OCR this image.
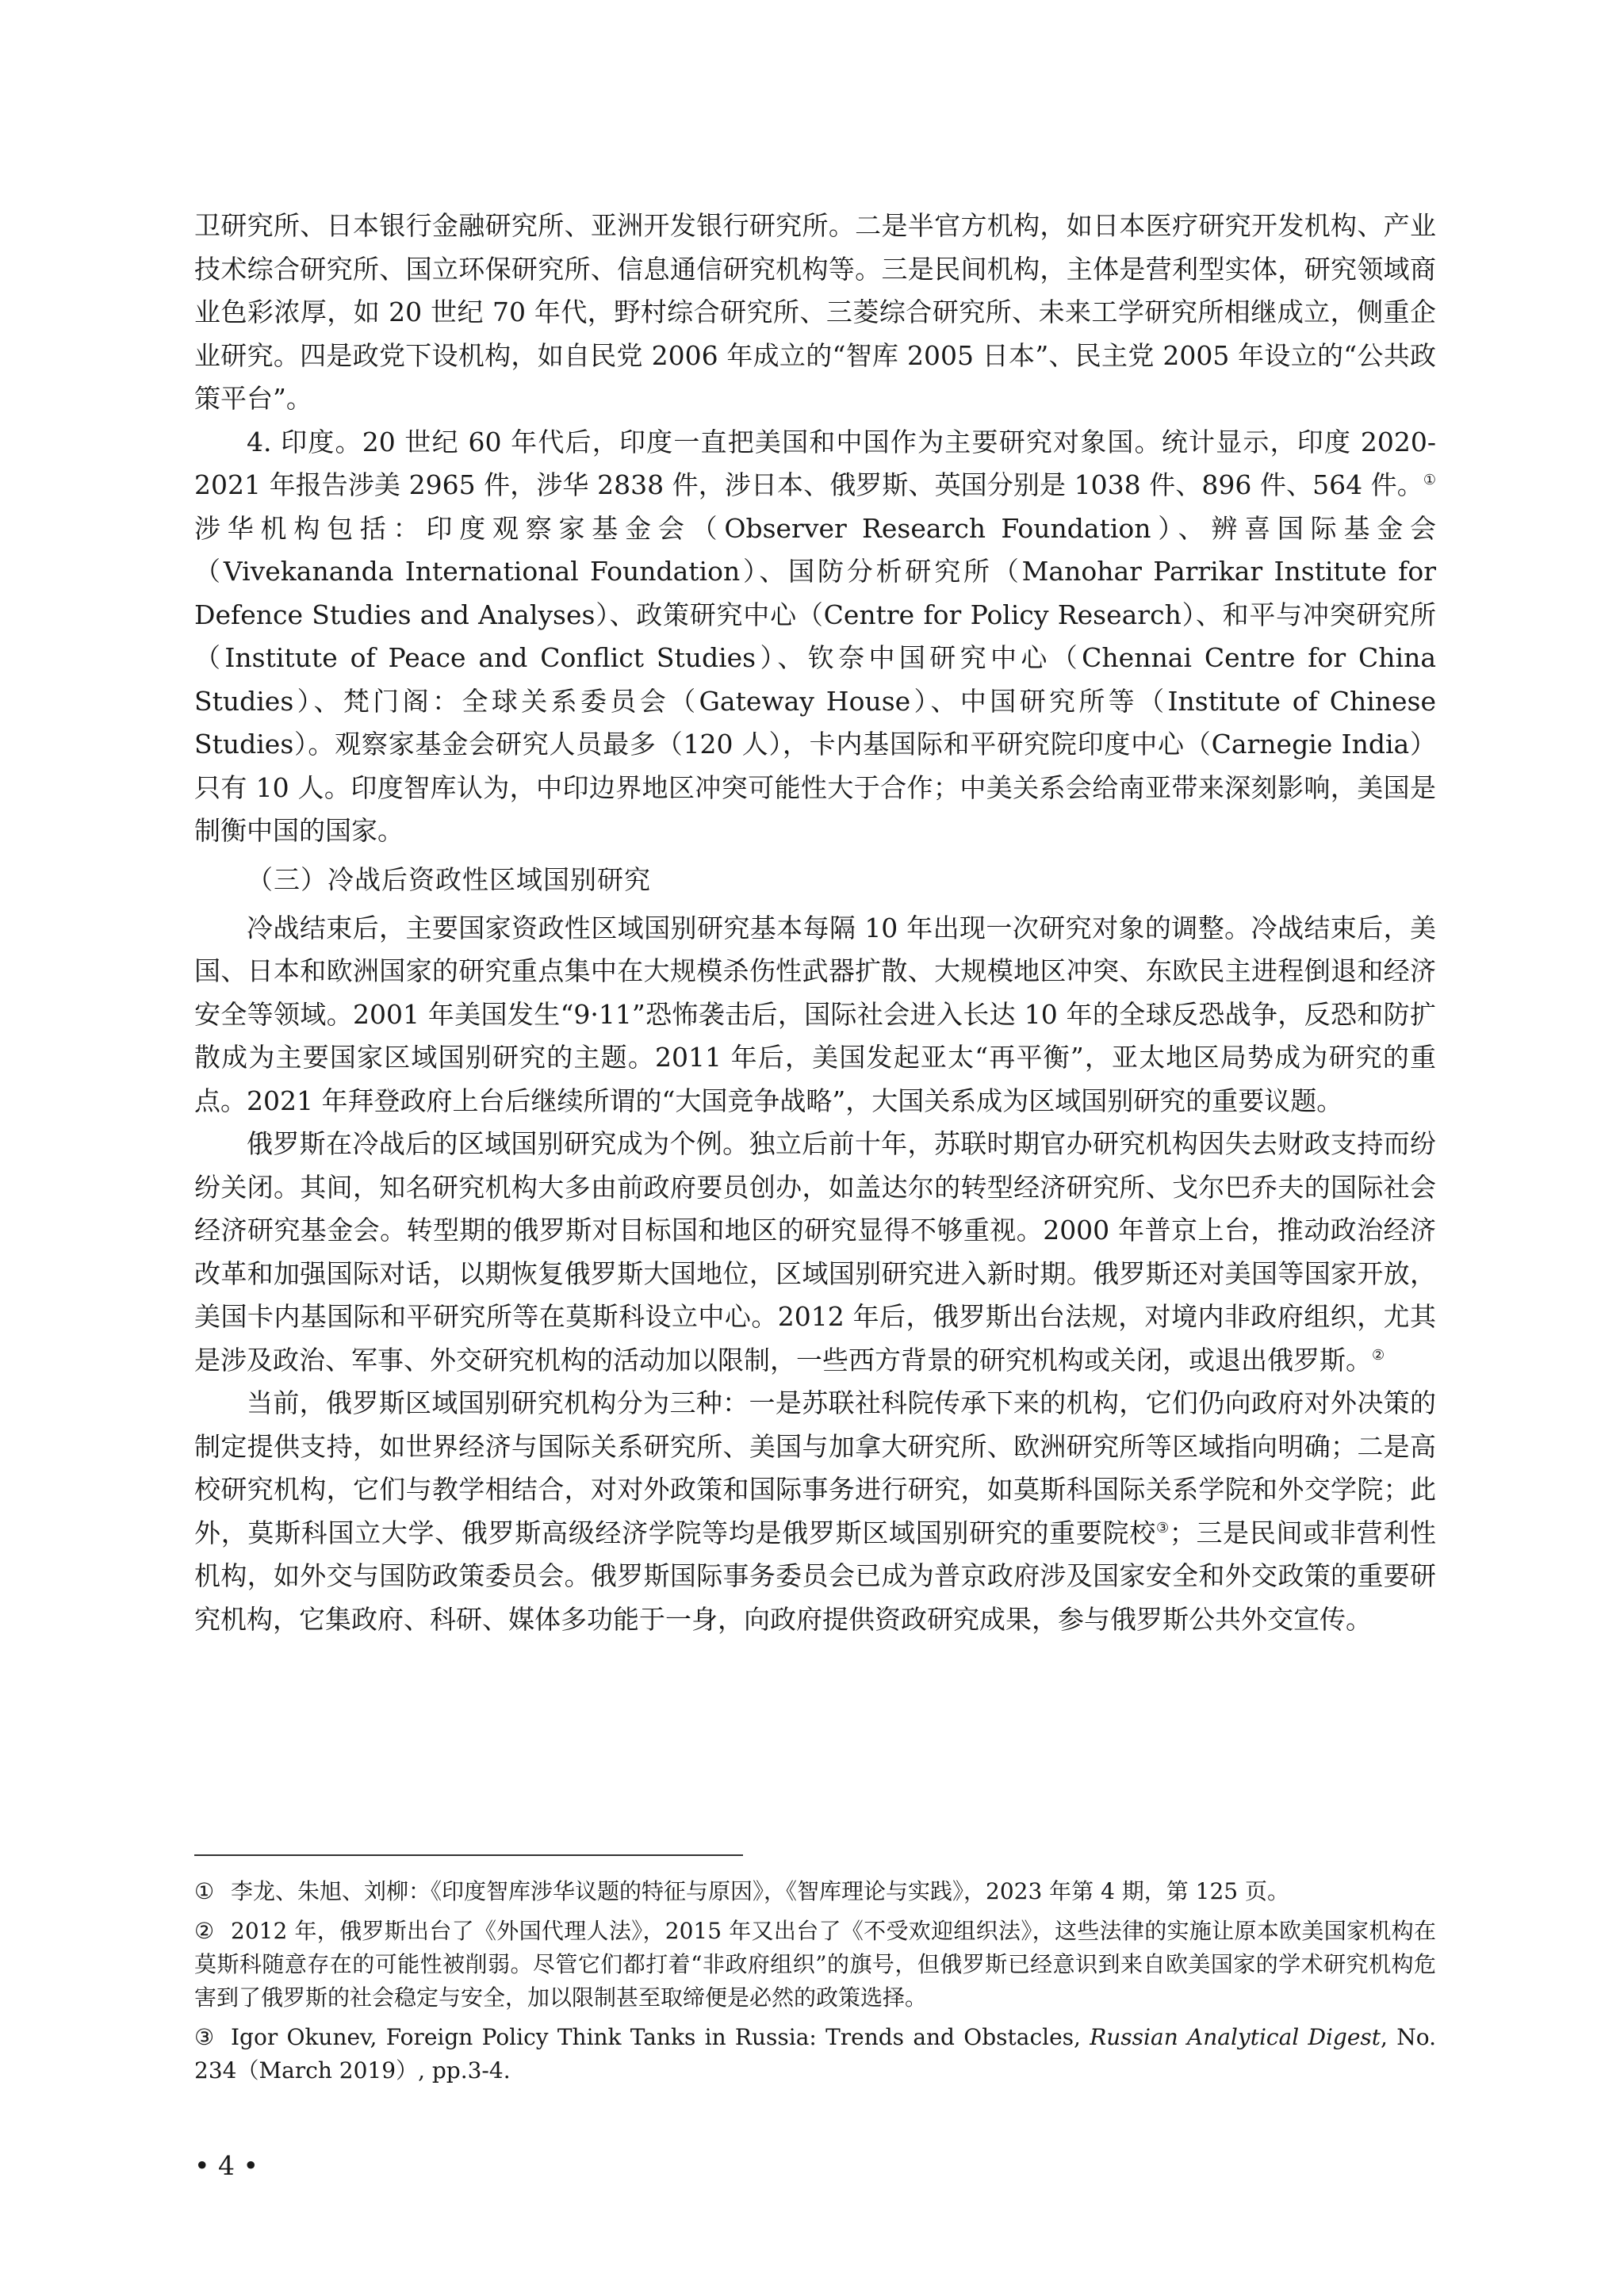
卫研究所、日本银行金融研究所、亚洲开发银行研究所。二是半官方机构，如日本医疗研究开发机构、产业技术综合研究所、国立环保研究所、信息通信研究机构等。三是民间机构，主体是营利型实体，研究领域商业色彩浓厚，如 20 世纪 70 年代，野村综合研究所、三菱综合研究所、未来工学研究所相继成立，侧重企业研究。四是政党下设机构，如自民党 2006 年成立的“智库 2005 日本”、民主党 2005 年设立的“公共政策平台”。

4. 印度。20 世纪 60 年代后，印度一直把美国和中国作为主要研究对象国。统计显示，印度 2020-2021 年报告涉美 2965 件，涉华 2838 件，涉日本、俄罗斯、英国分别是 1038 件、896 件、564 件。①涉华机构包括：印度观察家基金会（Observer Research Foundation）、辨喜国际基金会（Vivekananda International Foundation）、国防分析研究所（Manohar Parrikar Institute for Defence Studies and Analyses）、政策研究中心（Centre for Policy Research）、和平与冲突研究所（Institute of Peace and Conflict Studies）、钦奈中国研究中心（Chennai Centre for China Studies）、梵门阁：全球关系委员会（Gateway House）、中国研究所等（Institute of Chinese Studies）。观察家基金会研究人员最多（120 人），卡内基国际和平研究院印度中心（Carnegie India）只有 10 人。印度智库认为，中印边界地区冲突可能性大于合作；中美关系会给南亚带来深刻影响，美国是制衡中国的国家。

（三）冷战后资政性区域国别研究

冷战结束后，主要国家资政性区域国别研究基本每隔 10 年出现一次研究对象的调整。冷战结束后，美国、日本和欧洲国家的研究重点集中在大规模杀伤性武器扩散、大规模地区冲突、东欧民主进程倒退和经济安全等领域。2001 年美国发生“9·11”恐怖袭击后，国际社会进入长达 10 年的全球反恐战争，反恐和防扩散成为主要国家区域国别研究的主题。2011 年后，美国发起亚太“再平衡”，亚太地区局势成为研究的重点。2021 年拜登政府上台后继续所谓的“大国竞争战略”，大国关系成为区域国别研究的重要议题。

俄罗斯在冷战后的区域国别研究成为个例。独立后前十年，苏联时期官办研究机构因失去财政支持而纷纷关闭。其间，知名研究机构大多由前政府要员创办，如盖达尔的转型经济研究所、戈尔巴乔夫的国际社会经济研究基金会。转型期的俄罗斯对目标国和地区的研究显得不够重视。2000 年普京上台，推动政治经济改革和加强国际对话，以期恢复俄罗斯大国地位，区域国别研究进入新时期。俄罗斯还对美国等国家开放，美国卡内基国际和平研究所等在莫斯科设立中心。2012 年后，俄罗斯出台法规，对境内非政府组织，尤其是涉及政治、军事、外交研究机构的活动加以限制，一些西方背景的研究机构或关闭，或退出俄罗斯。②

当前，俄罗斯区域国别研究机构分为三种：一是苏联社科院传承下来的机构，它们仍向政府对外决策的制定提供支持，如世界经济与国际关系研究所、美国与加拿大研究所、欧洲研究所等区域指向明确；二是高校研究机构，它们与教学相结合，对对外政策和国际事务进行研究，如莫斯科国际关系学院和外交学院；此外，莫斯科国立大学、俄罗斯高级经济学院等均是俄罗斯区域国别研究的重要院校③；三是民间或非营利性机构，如外交与国防政策委员会。俄罗斯国际事务委员会已成为普京政府涉及国家安全和外交政策的重要研究机构，它集政府、科研、媒体多功能于一身，向政府提供资政研究成果，参与俄罗斯公共外交宣传。

① 李龙、朱旭、刘柳：《印度智库涉华议题的特征与原因》，《智库理论与实践》，2023 年第 4 期，第 125 页。

② 2012 年，俄罗斯出台了《外国代理人法》，2015 年又出台了《不受欢迎组织法》，这些法律的实施让原本欧美国家机构在莫斯科随意存在的可能性被削弱。尽管它们都打着“非政府组织”的旗号，但俄罗斯已经意识到来自欧美国家的学术研究机构危害到了俄罗斯的社会稳定与安全，加以限制甚至取缔便是必然的政策选择。

③ Igor Okunev, Foreign Policy Think Tanks in Russia: Trends and Obstacles, Russian Analytical Digest, No. 234（March 2019）, pp.3-4.

• 4 •
